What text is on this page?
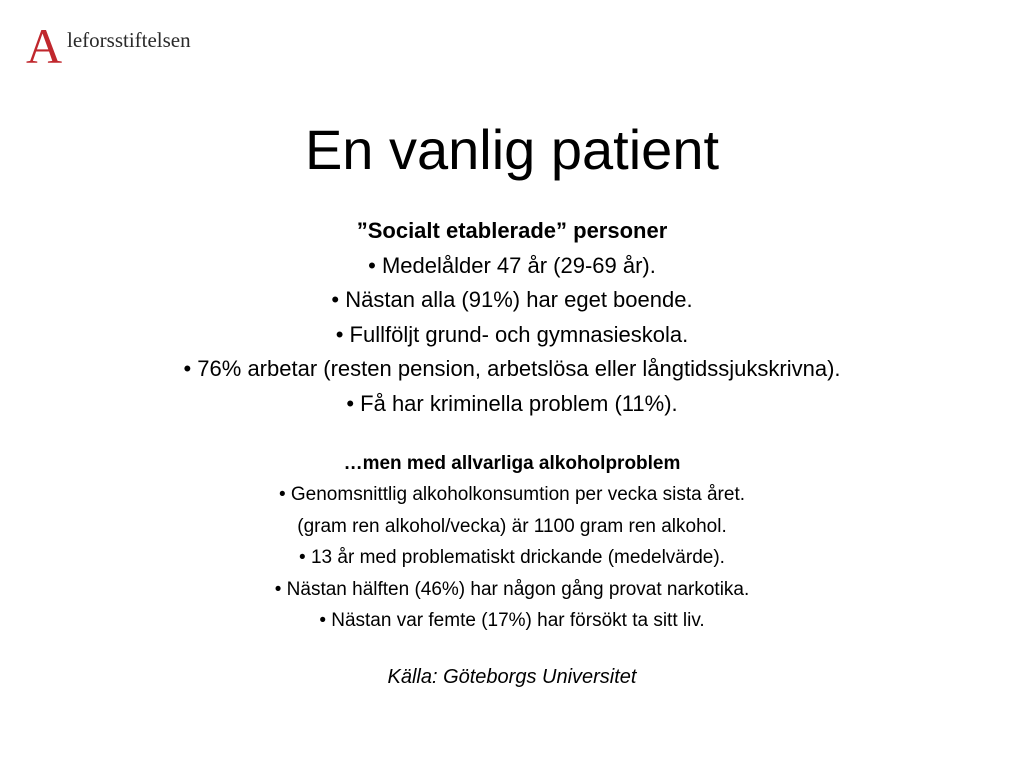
A leforsstiftelsen
En vanlig patient

”Socialt etablerade” personer

• Medelålder 47 år (29-69 år).

• Nästan alla (91%) har eget boende.

• Fullföljt grund- och gymnasieskola.

• 76% arbetar (resten pension, arbetslösa eller långtidssjukskrivna).

• Få har kriminella problem (11%).

…men med allvarliga alkoholproblem

• Genomsnittlig alkoholkonsumtion per vecka sista året.

(gram ren alkohol/vecka) är 1100 gram ren alkohol.

• 13 år med problematiskt drickande (medelvärde).

• Nästan hälften (46%) har någon gång provat narkotika.

• Nästan var femte (17%) har försökt ta sitt liv.

Källa: Göteborgs Universitet
